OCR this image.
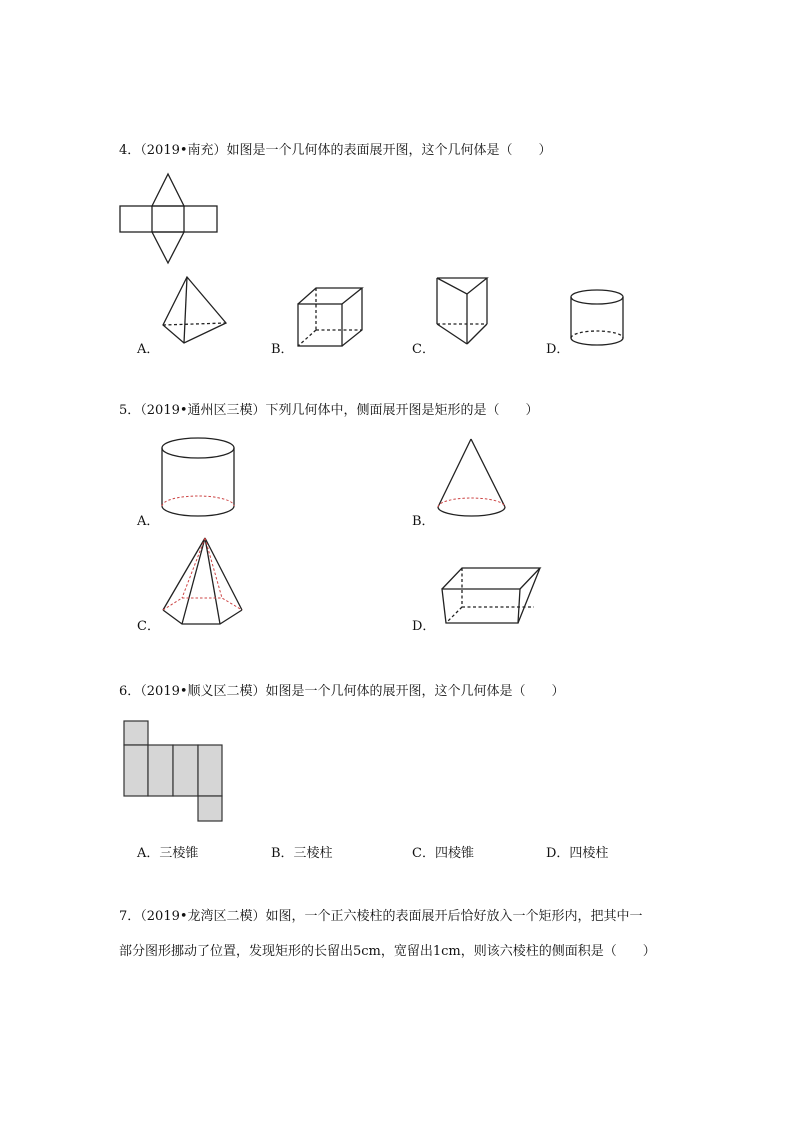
4．（2019•南充）如图是一个几何体的表面展开图，这个几何体是（　　）
A．	B．	C．	D．
5．（2019•通州区三模）下列几何体中，侧面展开图是矩形的是（　　）
A．	B．
C．	D．
6．（2019•顺义区二模）如图是一个几何体的展开图，这个几何体是（　　）
A．三棱锥	B．三棱柱	C．四棱锥	D．四棱柱
7．（2019•龙湾区二模）如图，一个正六棱柱的表面展开后恰好放入一个矩形内，把其中一
部分图形挪动了位置，发现矩形的长留出5cm，宽留出1cm，则该六棱柱的侧面积是（　　）
